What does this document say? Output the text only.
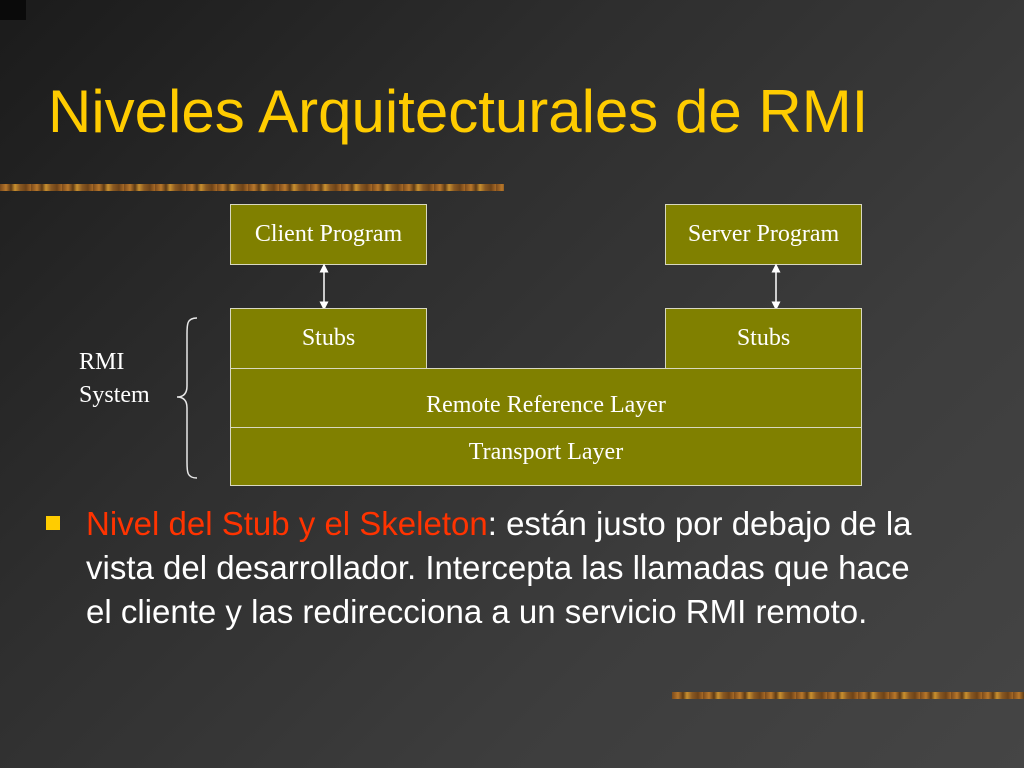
Niveles Arquitecturales de RMI
Client Program	Server Program
Stubs	Stubs
Remote Reference Layer
Transport Layer
RMI
System

Nivel del Stub y el Skeleton: están justo por debajo de la vista del desarrollador. Intercepta las llamadas que hace el cliente y las redirecciona a un servicio RMI remoto.
